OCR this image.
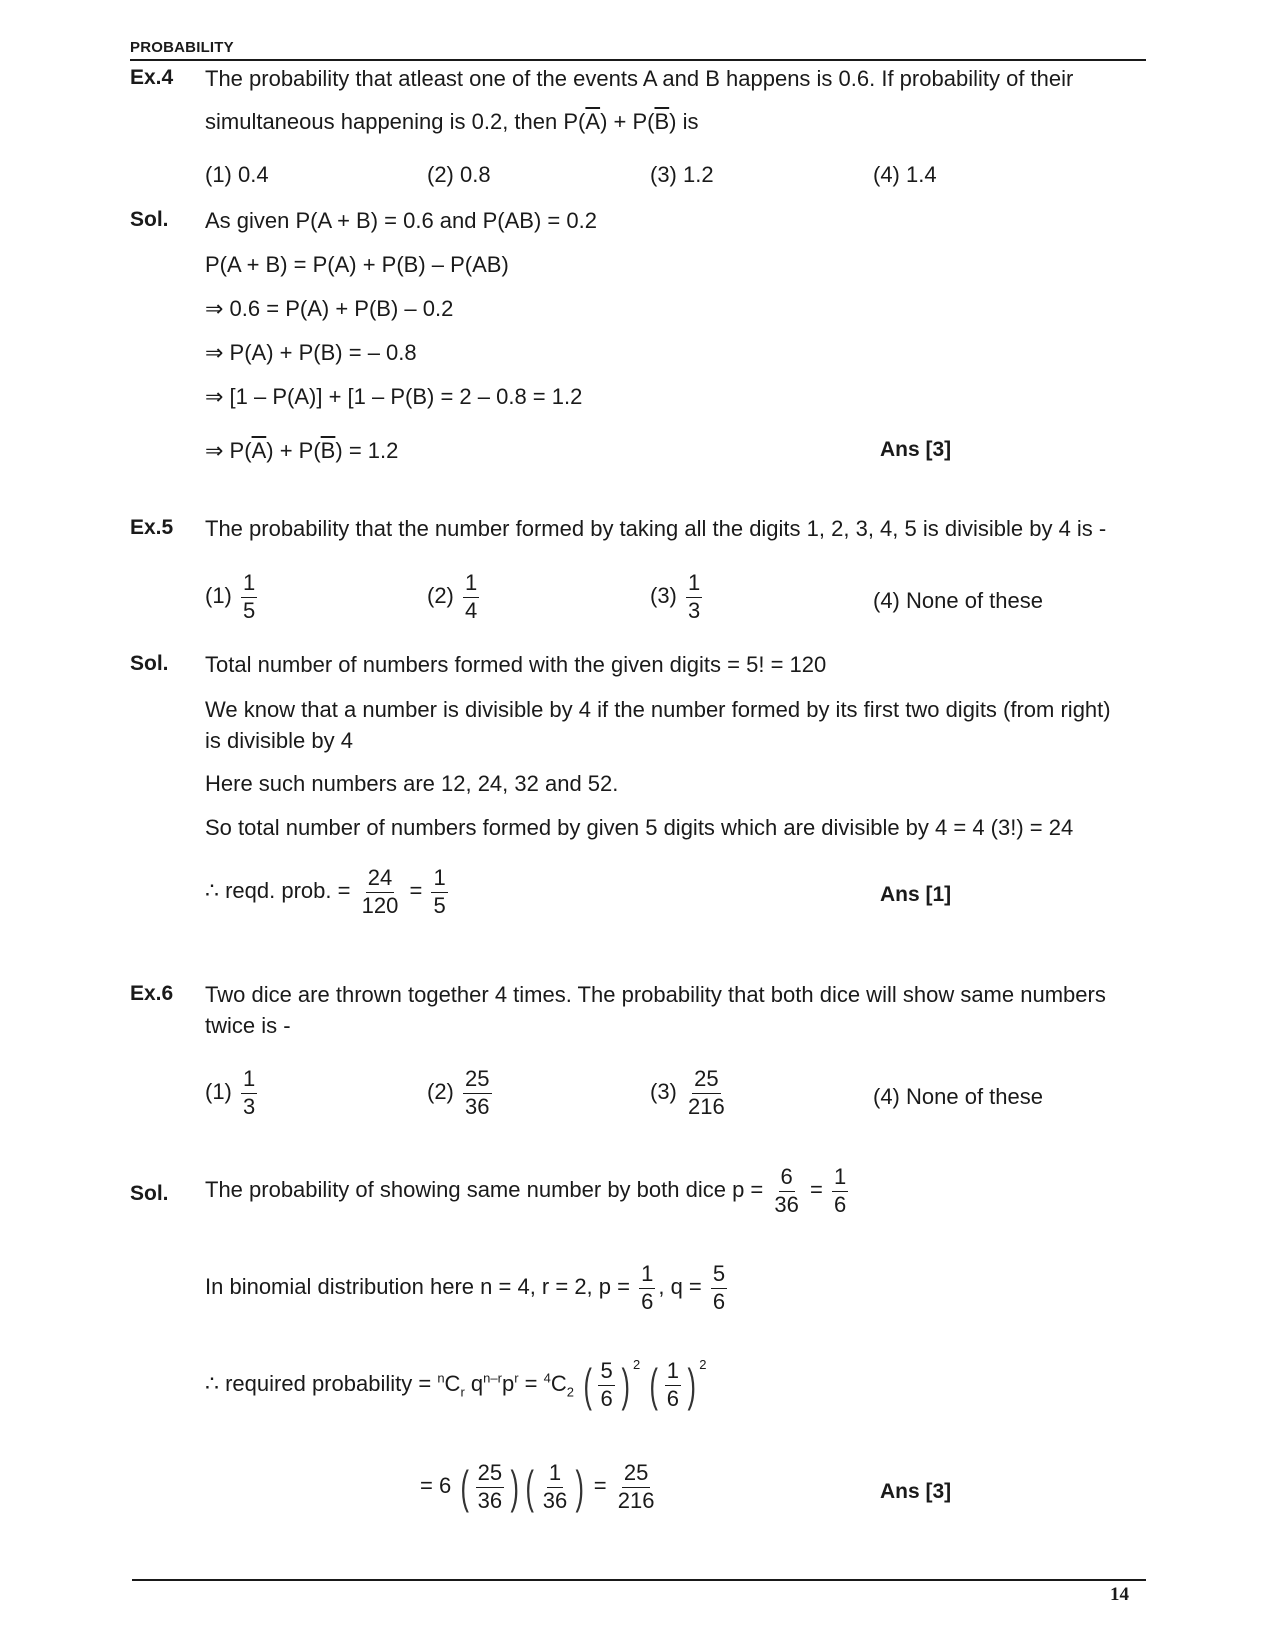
PROBABILITY
Ex.4 The probability that atleast one of the events A and B happens is 0.6. If probability of their
simultaneous happening is 0.2, then $P(\overline{A}) + P(\overline{B})$ is
(1) 0.4	(2) 0.8	(3) 1.2	(4) 1.4
Sol. As given P(A + B) = 0.6 and P(AB) = 0.2
P(A + B) = P(A) + P(B) – P(AB)
⇒ 0.6 = P(A) + P(B) – 0.2
⇒ P(A) + P(B) = – 0.8
⇒ [1 – P(A)] + [1 – P(B) = 2 – 0.8 = 1.2
⇒ $P(\overline{A}) + P(\overline{B}) = 1.2$	Ans [3]
Ex.5 The probability that the number formed by taking all the digits 1, 2, 3, 4, 5 is divisible by 4 is -
$(1) \frac{1}{5}$	$(2) \frac{1}{4}$	$(3) \frac{1}{3}$	(4) None of these
Sol. Total number of numbers formed with the given digits = 5! = 120
We know that a number is divisible by 4 if the number formed by its first two digits (from right)
is divisible by 4
Here such numbers are 12, 24, 32 and 52.
So total number of numbers formed by given 5 digits which are divisible by 4 = 4 (3!) = 24
∴ reqd. prob. = $\frac{24}{120} = \frac{1}{5}$	Ans [1]
Ex.6 Two dice are thrown together 4 times. The probability that both dice will show same numbers
twice is -
$(1) \frac{1}{3}$	$(2) \frac{25}{36}$	$(3) \frac{25}{216}$	(4) None of these
Sol. The probability of showing same number by both dice $p = \frac{6}{36} = \frac{1}{6}$
In binomial distribution here n = 4, r = 2, $p = \frac{1}{6}$ , $q = \frac{5}{6}$
∴ required probability = $^nC_r$ $q^{n-r}p^r = ^4C_2$ ( $\frac{5}{6}$ ) $^2$ ( $\frac{1}{6}$ ) $^2$
= 6 ( $\frac{25}{36}$ ) ( $\frac{1}{36}$ ) = $\frac{25}{216}$	Ans [3]
14
